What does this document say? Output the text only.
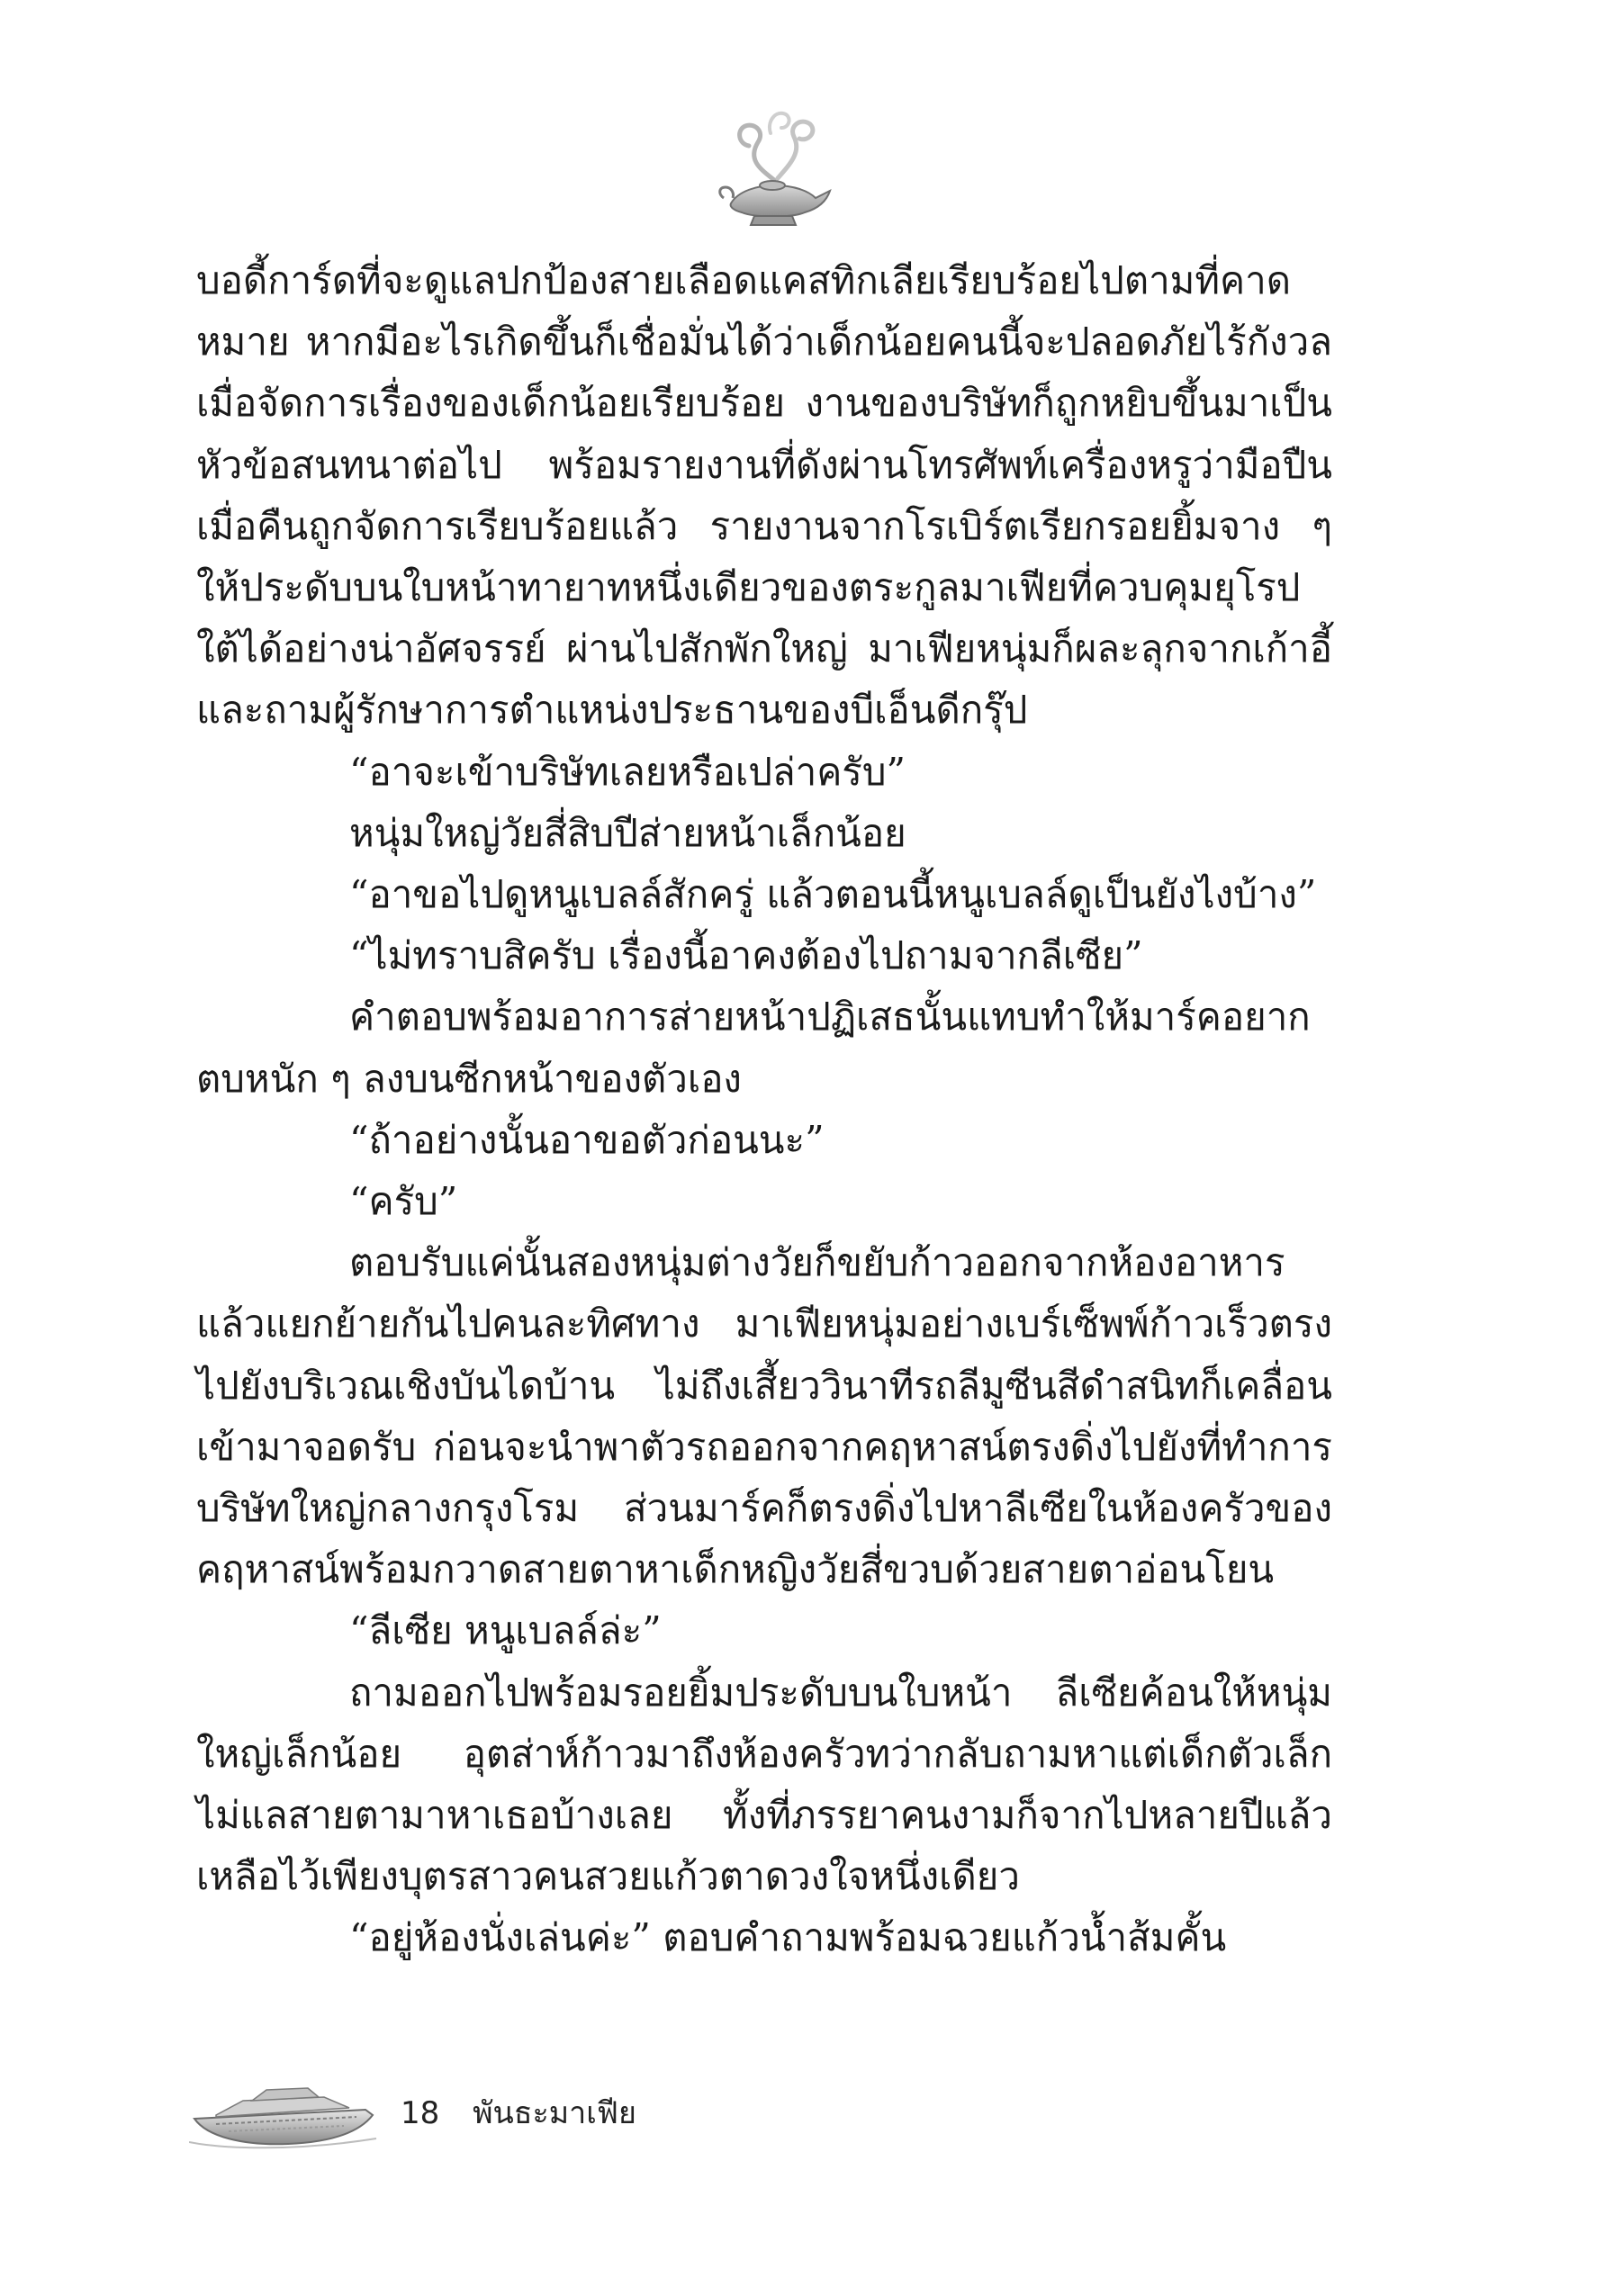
บอดี้การ์ดที่จะดูแลปกป้องสายเลือดแคสทิกเลียเรียบร้อยไปตามที่คาดหมาย หากมีอะไรเกิดขึ้นก็เชื่อมั่นได้ว่าเด็กน้อยคนนี้จะปลอดภัยไร้กังวล เมื่อจัดการเรื่องของเด็กน้อยเรียบร้อย งานของบริษัทก็ถูกหยิบขึ้นมาเป็นหัวข้อสนทนาต่อไป พร้อมรายงานที่ดังผ่านโทรศัพท์เครื่องหรูว่ามือปืนเมื่อคืนถูกจัดการเรียบร้อยแล้ว รายงานจากโรเบิร์ตเรียกรอยยิ้มจาง ๆ ให้ประดับบนใบหน้าทายาทหนึ่งเดียวของตระกูลมาเฟียที่ควบคุมยุโรปใต้ได้อย่างน่าอัศจรรย์ ผ่านไปสักพักใหญ่ มาเฟียหนุ่มก็ผละลุกจากเก้าอี้และถามผู้รักษาการตำแหน่งประธานของบีเอ็นดีกรุ๊ป

“อาจะเข้าบริษัทเลยหรือเปล่าครับ”

หนุ่มใหญ่วัยสี่สิบปีส่ายหน้าเล็กน้อย

“อาขอไปดูหนูเบลล์สักครู่ แล้วตอนนี้หนูเบลล์ดูเป็นยังไงบ้าง”

“ไม่ทราบสิครับ เรื่องนี้อาคงต้องไปถามจากลีเซีย”

คำตอบพร้อมอาการส่ายหน้าปฏิเสธนั้นแทบทำให้มาร์คอยากตบหนัก ๆ ลงบนซีกหน้าของตัวเอง

“ถ้าอย่างนั้นอาขอตัวก่อนนะ”

“ครับ”

ตอบรับแค่นั้นสองหนุ่มต่างวัยก็ขยับก้าวออกจากห้องอาหารแล้วแยกย้ายกันไปคนละทิศทาง มาเฟียหนุ่มอย่างเบร์เซ็พพ์ก้าวเร็วตรงไปยังบริเวณเชิงบันไดบ้าน ไม่ถึงเสี้ยววินาทีรถลีมูซีนสีดำสนิทก็เคลื่อนเข้ามาจอดรับ ก่อนจะนำพาตัวรถออกจากคฤหาสน์ตรงดิ่งไปยังที่ทำการบริษัทใหญ่กลางกรุงโรม ส่วนมาร์คก็ตรงดิ่งไปหาลีเซียในห้องครัวของคฤหาสน์พร้อมกวาดสายตาหาเด็กหญิงวัยสี่ขวบด้วยสายตาอ่อนโยน

“ลีเซีย หนูเบลล์ล่ะ”

ถามออกไปพร้อมรอยยิ้มประดับบนใบหน้า ลีเซียค้อนให้หนุ่มใหญ่เล็กน้อย อุตส่าห์ก้าวมาถึงห้องครัวทว่ากลับถามหาแต่เด็กตัวเล็ก ไม่แลสายตามาหาเธอบ้างเลย ทั้งที่ภรรยาคนงามก็จากไปหลายปีแล้ว เหลือไว้เพียงบุตรสาวคนสวยแก้วตาดวงใจหนึ่งเดียว

“อยู่ห้องนั่งเล่นค่ะ” ตอบคำถามพร้อมฉวยแก้วน้ำส้มคั้น

18 พันธะมาเฟีย
